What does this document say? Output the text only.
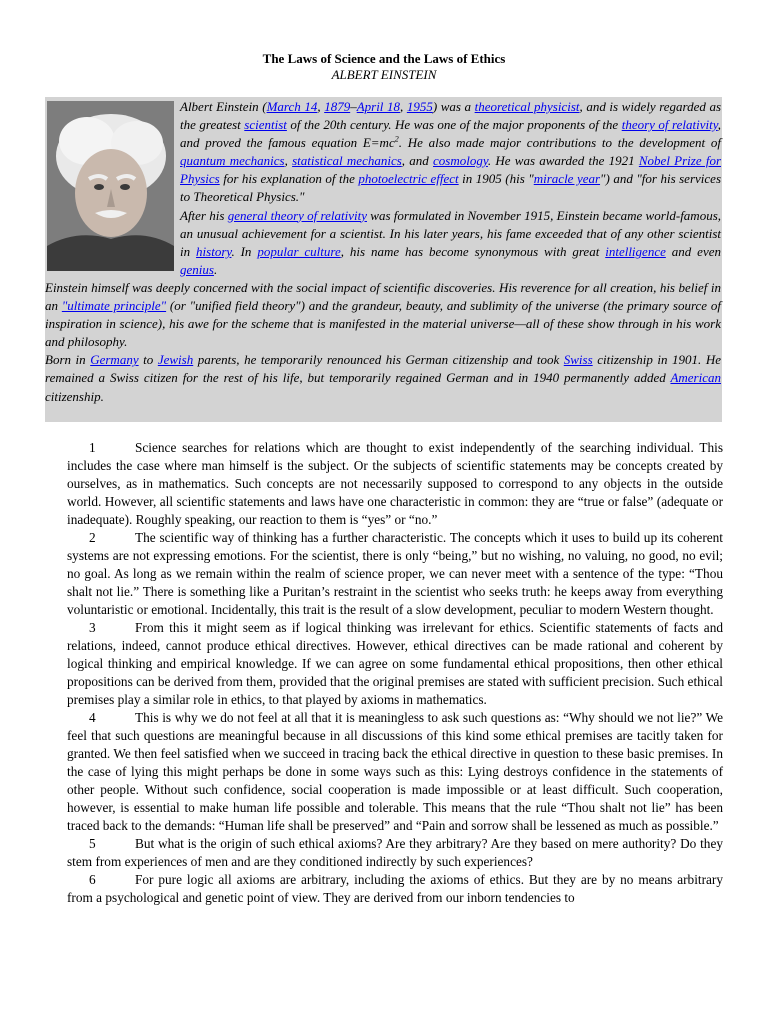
The Laws of Science and the Laws of Ethics
ALBERT EINSTEIN

Albert Einstein (March 14, 1879–April 18, 1955) was a theoretical physicist, and is widely regarded as the greatest scientist of the 20th century. He was one of the major proponents of the theory of relativity, and proved the famous equation $E=mc^2$. He also made major contributions to the development of quantum mechanics, statistical mechanics, and cosmology. He was awarded the 1921 Nobel Prize for Physics for his explanation of the photoelectric effect in 1905 (his "miracle year") and "for his services to Theoretical Physics."

After his general theory of relativity was formulated in November 1915, Einstein became world-famous, an unusual achievement for a scientist. In his later years, his fame exceeded that of any other scientist in history. In popular culture, his name has become synonymous with great intelligence and even genius.

Einstein himself was deeply concerned with the social impact of scientific discoveries. His reverence for all creation, his belief in an "ultimate principle" (or "unified field theory") and the grandeur, beauty, and sublimity of the universe (the primary source of inspiration in science), his awe for the scheme that is manifested in the material universe—all of these show through in his work and philosophy.

Born in Germany to Jewish parents, he temporarily renounced his German citizenship and took Swiss citizenship in 1901. He remained a Swiss citizen for the rest of his life, but temporarily regained German and in 1940 permanently added American citizenship.

1	Science searches for relations which are thought to exist independently of the searching individual. This includes the case where man himself is the subject. Or the subjects of scientific statements may be concepts created by ourselves, as in mathematics. Such concepts are not necessarily supposed to correspond to any objects in the outside world. However, all scientific statements and laws have one characteristic in common: they are “true or false” (adequate or inadequate). Roughly speaking, our reaction to them is “yes” or “no.”

2	The scientific way of thinking has a further characteristic. The concepts which it uses to build up its coherent systems are not expressing emotions. For the scientist, there is only “being,” but no wishing, no valuing, no good, no evil; no goal. As long as we remain within the realm of science proper, we can never meet with a sentence of the type: “Thou shalt not lie.” There is something like a Puritan’s restraint in the scientist who seeks truth: he keeps away from everything voluntaristic or emotional. Incidentally, this trait is the result of a slow development, peculiar to modern Western thought.

3	From this it might seem as if logical thinking was irrelevant for ethics. Scientific statements of facts and relations, indeed, cannot produce ethical directives. However, ethical directives can be made rational and coherent by logical thinking and empirical knowledge. If we can agree on some fundamental ethical propositions, then other ethical propositions can be derived from them, provided that the original premises are stated with sufficient precision. Such ethical premises play a similar role in ethics, to that played by axioms in mathematics.

4	This is why we do not feel at all that it is meaningless to ask such questions as: “Why should we not lie?” We feel that such questions are meaningful because in all discussions of this kind some ethical premises are tacitly taken for granted. We then feel satisfied when we succeed in tracing back the ethical directive in question to these basic premises. In the case of lying this might perhaps be done in some ways such as this: Lying destroys confidence in the statements of other people. Without such confidence, social cooperation is made impossible or at least difficult. Such cooperation, however, is essential to make human life possible and tolerable. This means that the rule “Thou shalt not lie” has been traced back to the demands: “Human life shall be preserved” and “Pain and sorrow shall be lessened as much as possible.”

5	But what is the origin of such ethical axioms? Are they arbitrary? Are they based on mere authority? Do they stem from experiences of men and are they conditioned indirectly by such experiences?

6	For pure logic all axioms are arbitrary, including the axioms of ethics. But they are by no means arbitrary from a psychological and genetic point of view. They are derived from our inborn tendencies to
